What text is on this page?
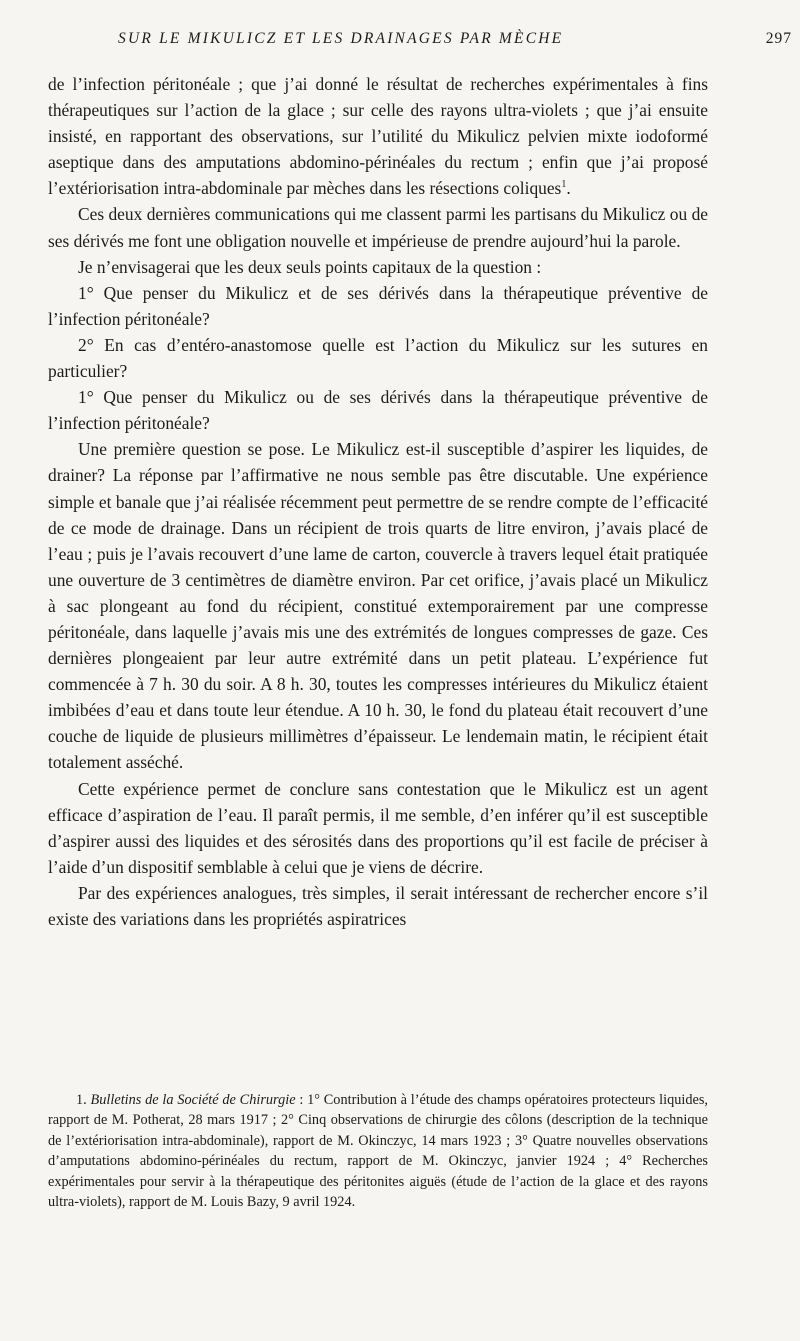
SUR LE MIKULICZ ET LES DRAINAGES PAR MÈCHE	297

de l’infection péritonéale ; que j’ai donné le résultat de recherches expérimentales à fins thérapeutiques sur l’action de la glace ; sur celle des rayons ultra-violets ; que j’ai ensuite insisté, en rapportant des observations, sur l’utilité du Mikulicz pelvien mixte iodoformé aseptique dans des amputations abdomino-périnéales du rectum ; enfin que j’ai proposé l’extériorisation intra-abdominale par mèches dans les résections coliques$^1$.

Ces deux dernières communications qui me classent parmi les partisans du Mikulicz ou de ses dérivés me font une obligation nouvelle et impérieuse de prendre aujourd’hui la parole.

Je n’envisagerai que les deux seuls points capitaux de la question :

1° Que penser du Mikulicz et de ses dérivés dans la thérapeutique préventive de l’infection péritonéale?

2° En cas d’entéro-anastomose quelle est l’action du Mikulicz sur les sutures en particulier?

1° Que penser du Mikulicz ou de ses dérivés dans la thérapeutique préventive de l’infection péritonéale?

Une première question se pose. Le Mikulicz est-il susceptible d’aspirer les liquides, de drainer? La réponse par l’affirmative ne nous semble pas être discutable. Une expérience simple et banale que j’ai réalisée récemment peut permettre de se rendre compte de l’efficacité de ce mode de drainage. Dans un récipient de trois quarts de litre environ, j’avais placé de l’eau ; puis je l’avais recouvert d’une lame de carton, couvercle à travers lequel était pratiquée une ouverture de 3 centimètres de diamètre environ. Par cet orifice, j’avais placé un Mikulicz à sac plongeant au fond du récipient, constitué extemporairement par une compresse péritonéale, dans laquelle j’avais mis une des extrémités de longues compresses de gaze. Ces dernières plongeaient par leur autre extrémité dans un petit plateau. L’expérience fut commencée à 7 h. 30 du soir. A 8 h. 30, toutes les compresses intérieures du Mikulicz étaient imbibées d’eau et dans toute leur étendue. A 10 h. 30, le fond du plateau était recouvert d’une couche de liquide de plusieurs millimètres d’épaisseur. Le lendemain matin, le récipient était totalement asséché.

Cette expérience permet de conclure sans contestation que le Mikulicz est un agent efficace d’aspiration de l’eau. Il paraît permis, il me semble, d’en inférer qu’il est susceptible d’aspirer aussi des liquides et des sérosités dans des proportions qu’il est facile de préciser à l’aide d’un dispositif semblable à celui que je viens de décrire.

Par des expériences analogues, très simples, il serait intéressant de rechercher encore s’il existe des variations dans les propriétés aspiratrices

1. Bulletins de la Société de Chirurgie : 1° Contribution à l’étude des champs opératoires protecteurs liquides, rapport de M. Potherat, 28 mars 1917 ; 2° Cinq observations de chirurgie des côlons (description de la technique de l’extériorisation intra-abdominale), rapport de M. Okinczyc, 14 mars 1923 ; 3° Quatre nouvelles observations d’amputations abdomino-périnéales du rectum, rapport de M. Okinczyc, janvier 1924 ; 4° Recherches expérimentales pour servir à la thérapeutique des péritonites aiguës (étude de l’action de la glace et des rayons ultra-violets), rapport de M. Louis Bazy, 9 avril 1924.
